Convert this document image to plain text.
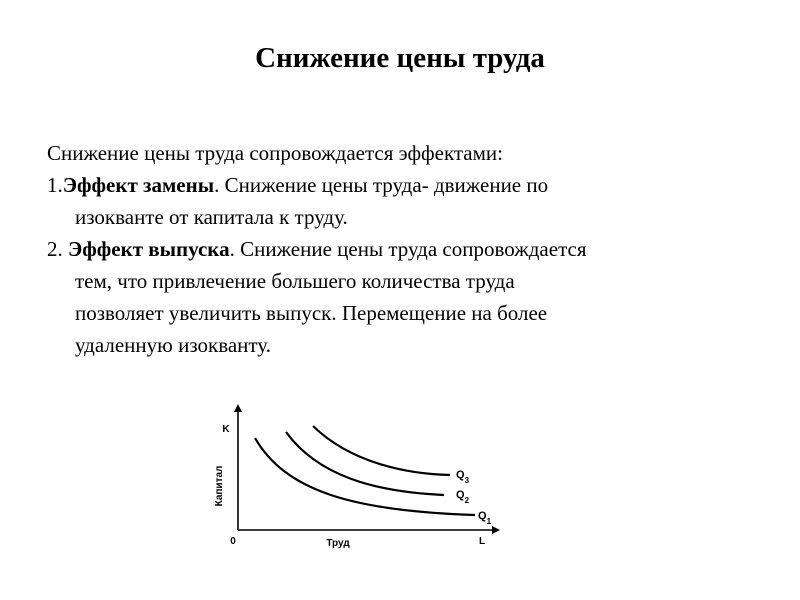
Снижение цены труда

Снижение цены труда сопровождается эффектами:

1.Эффект замены. Снижение цены труда- движение по
изокванте от капитала к труду.
2. Эффект выпуска. Снижение цены труда сопровождается
тем, что привлечение большего количества труда
позволяет увеличить выпуск. Перемещение на более
удаленную изокванту.
K
0	Труд	L
Капитал	$Q_3$
$Q_2$
$Q_1$
